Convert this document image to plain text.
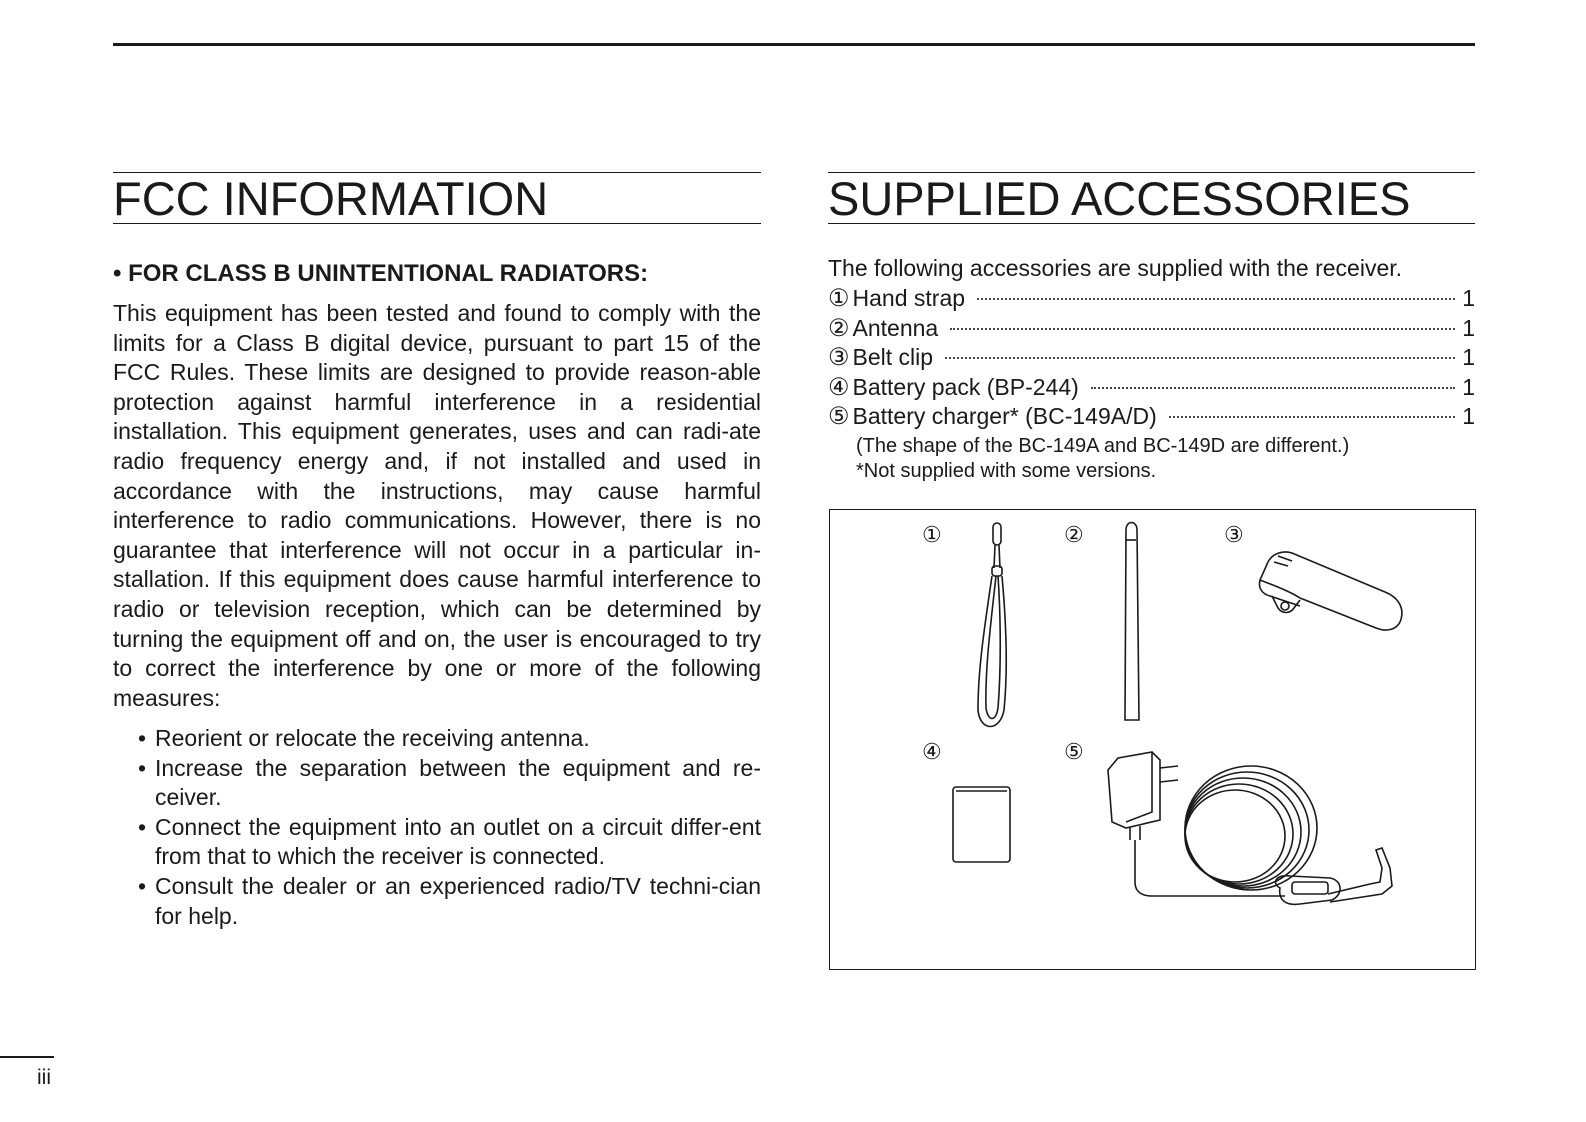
FCC INFORMATION

• FOR CLASS B UNINTENTIONAL RADIATORS:

This equipment has been tested and found to comply with the limits for a Class B digital device, pursuant to part 15 of the FCC Rules. These limits are designed to provide reason-able protection against harmful interference in a residential installation. This equipment generates, uses and can radi-ate radio frequency energy and, if not installed and used in accordance with the instructions, may cause harmful interference to radio communications. However, there is no guarantee that interference will not occur in a particular in-stallation. If this equipment does cause harmful interference to radio or television reception, which can be determined by turning the equipment off and on, the user is encouraged to try to correct the interference by one or more of the following measures:

• Reorient or relocate the receiving antenna.
• Increase the separation between the equipment and re-ceiver.
• Connect the equipment into an outlet on a circuit differ-ent from that to which the receiver is connected.
• Consult the dealer or an experienced radio/TV techni-cian for help.
SUPPLIED ACCESSORIES

The following accessories are supplied with the receiver.

① Hand strap	1
② Antenna	1
③ Belt clip	1
④ Battery pack (BP-244)	1
⑤ Battery charger* (BC-149A/D)	1

(The shape of the BC-149A and BC-149D are different.)

*Not supplied with some versions.

①	②	③
④	⑤

iii
